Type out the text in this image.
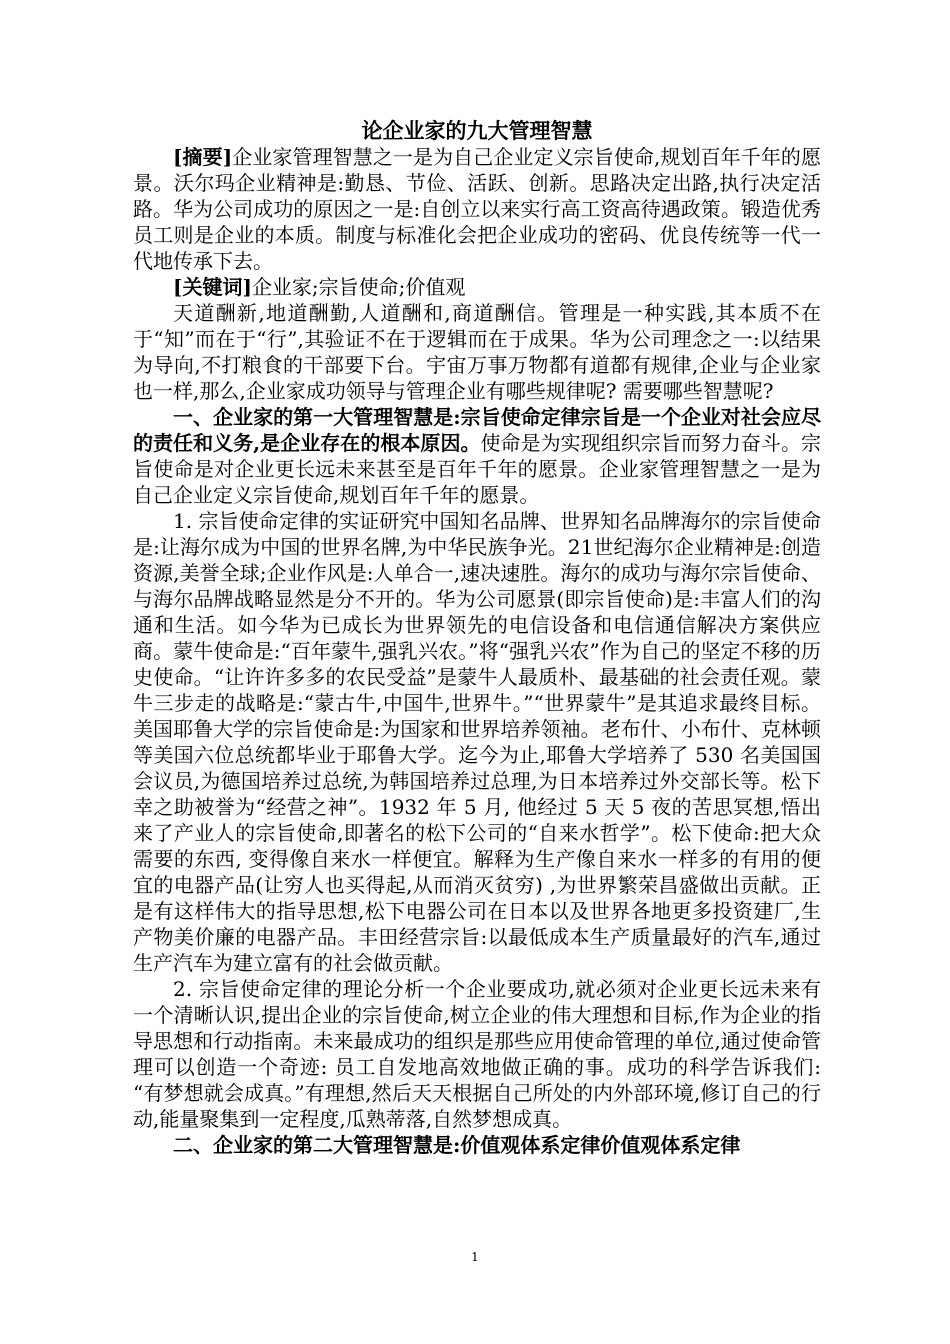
论企业家的九大管理智慧

[摘要]企业家管理智慧之一是为自己企业定义宗旨使命,规划百年千年的愿景。沃尔玛企业精神是:勤恳、节俭、活跃、创新。思路决定出路,执行决定活路。华为公司成功的原因之一是:自创立以来实行高工资高待遇政策。锻造优秀员工则是企业的本质。制度与标准化会把企业成功的密码、优良传统等一代一代地传承下去。

[关键词]企业家;宗旨使命;价值观

天道酬新,地道酬勤,人道酬和,商道酬信。管理是一种实践,其本质不在于“知”而在于“行”,其验证不在于逻辑而在于成果。华为公司理念之一:以结果为导向,不打粮食的干部要下台。宇宙万事万物都有道都有规律,企业与企业家也一样,那么,企业家成功领导与管理企业有哪些规律呢? 需要哪些智慧呢?

一、企业家的第一大管理智慧是:宗旨使命定律宗旨是一个企业对社会应尽的责任和义务,是企业存在的根本原因。使命是为实现组织宗旨而努力奋斗。宗旨使命是对企业更长远未来甚至是百年千年的愿景。企业家管理智慧之一是为自己企业定义宗旨使命,规划百年千年的愿景。

1. 宗旨使命定律的实证研究中国知名品牌、世界知名品牌海尔的宗旨使命是:让海尔成为中国的世界名牌,为中华民族争光。21世纪海尔企业精神是:创造资源,美誉全球;企业作风是:人单合一,速决速胜。海尔的成功与海尔宗旨使命、与海尔品牌战略显然是分不开的。华为公司愿景(即宗旨使命)是:丰富人们的沟通和生活。如今华为已成长为世界领先的电信设备和电信通信解决方案供应商。蒙牛使命是:“百年蒙牛,强乳兴农。”将“强乳兴农”作为自己的坚定不移的历史使命。“让许许多多的农民受益”是蒙牛人最质朴、最基础的社会责任观。蒙牛三步走的战略是:“蒙古牛,中国牛,世界牛。”“世界蒙牛”是其追求最终目标。美国耶鲁大学的宗旨使命是:为国家和世界培养领袖。老布什、小布什、克林顿等美国六位总统都毕业于耶鲁大学。迄今为止,耶鲁大学培养了 530 名美国国会议员,为德国培养过总统,为韩国培养过总理,为日本培养过外交部长等。松下幸之助被誉为“经营之神”。1932 年 5 月, 他经过 5 天 5 夜的苦思冥想,悟出来了产业人的宗旨使命,即著名的松下公司的“自来水哲学”。松下使命:把大众需要的东西, 变得像自来水一样便宜。解释为生产像自来水一样多的有用的便宜的电器产品(让穷人也买得起,从而消灭贫穷) ,为世界繁荣昌盛做出贡献。正是有这样伟大的指导思想,松下电器公司在日本以及世界各地更多投资建厂,生产物美价廉的电器产品。丰田经营宗旨:以最低成本生产质量最好的汽车,通过生产汽车为建立富有的社会做贡献。

2. 宗旨使命定律的理论分析一个企业要成功,就必须对企业更长远未来有一个清晰认识,提出企业的宗旨使命,树立企业的伟大理想和目标,作为企业的指导思想和行动指南。未来最成功的组织是那些应用使命管理的单位,通过使命管理可以创造一个奇迹: 员工自发地高效地做正确的事。成功的科学告诉我们: “有梦想就会成真。”有理想,然后天天根据自己所处的内外部环境,修订自己的行动,能量聚集到一定程度,瓜熟蒂落,自然梦想成真。

二、企业家的第二大管理智慧是:价值观体系定律价值观体系定律

1
